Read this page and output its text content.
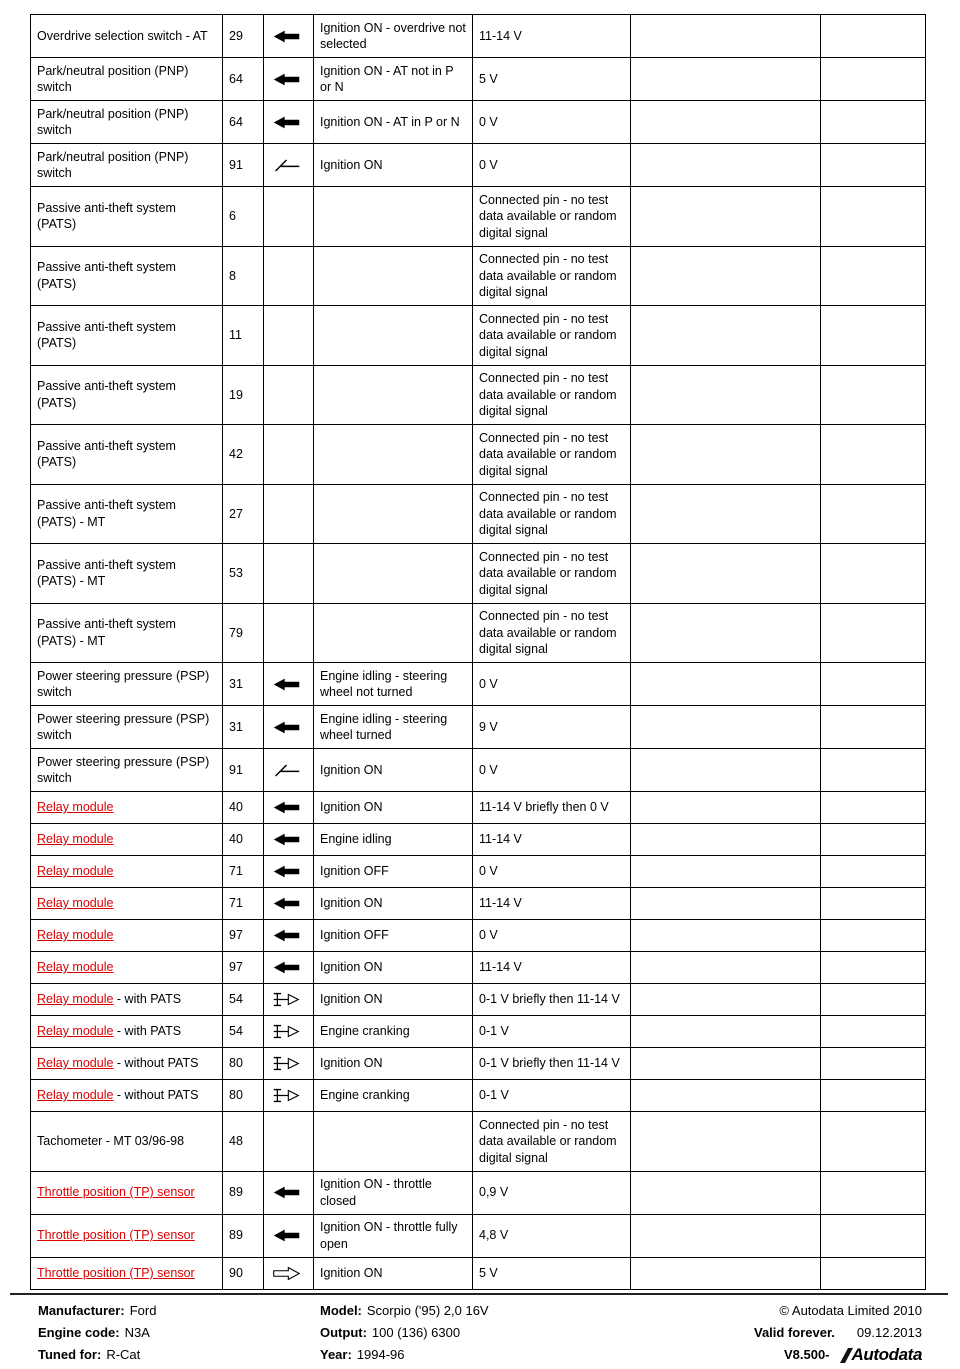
Overdrive selection switch - AT	29		Ignition ON - overdrive not selected	11-14 V		
Park/neutral position (PNP) switch	64		Ignition ON - AT not in P or N	5 V		
Park/neutral position (PNP) switch	64		Ignition ON - AT in P or N	0 V		
Park/neutral position (PNP) switch	91		Ignition ON	0 V		
Passive anti-theft system (PATS)	6			Connected pin - no test data available or random digital signal		
Passive anti-theft system (PATS)	8			Connected pin - no test data available or random digital signal		
Passive anti-theft system (PATS)	11			Connected pin - no test data available or random digital signal		
Passive anti-theft system (PATS)	19			Connected pin - no test data available or random digital signal		
Passive anti-theft system (PATS)	42			Connected pin - no test data available or random digital signal		
Passive anti-theft system (PATS) - MT	27			Connected pin - no test data available or random digital signal		
Passive anti-theft system (PATS) - MT	53			Connected pin - no test data available or random digital signal		
Passive anti-theft system (PATS) - MT	79			Connected pin - no test data available or random digital signal		
Power steering pressure (PSP) switch	31		Engine idling - steering wheel not turned	0 V		
Power steering pressure (PSP) switch	31		Engine idling - steering wheel turned	9 V		
Power steering pressure (PSP) switch	91		Ignition ON	0 V		
Relay module	40		Ignition ON	11-14 V briefly then 0 V		
Relay module	40		Engine idling	11-14 V		
Relay module	71		Ignition OFF	0 V		
Relay module	71		Ignition ON	11-14 V		
Relay module	97		Ignition OFF	0 V		
Relay module	97		Ignition ON	11-14 V		
Relay module - with PATS	54		Ignition ON	0-1 V briefly then 11-14 V		
Relay module - with PATS	54		Engine cranking	0-1 V		
Relay module - without PATS	80		Ignition ON	0-1 V briefly then 11-14 V		
Relay module - without PATS	80		Engine cranking	0-1 V		
Tachometer - MT 03/96-98	48			Connected pin - no test data available or random digital signal		
Throttle position (TP) sensor	89		Ignition ON - throttle closed	0,9 V		
Throttle position (TP) sensor	89		Ignition ON - throttle fully open	4,8 V		
Throttle position (TP) sensor	90		Ignition ON	5 V		
Manufacturer: Ford
Engine code: N3A
Tuned for: R-Cat
Model: Scorpio ('95) 2,0 16V
Output: 100 (136) 6300
Year: 1994-96
© Autodata Limited 2010
Valid forever. 09.12.2013
V8.500- Autodata
